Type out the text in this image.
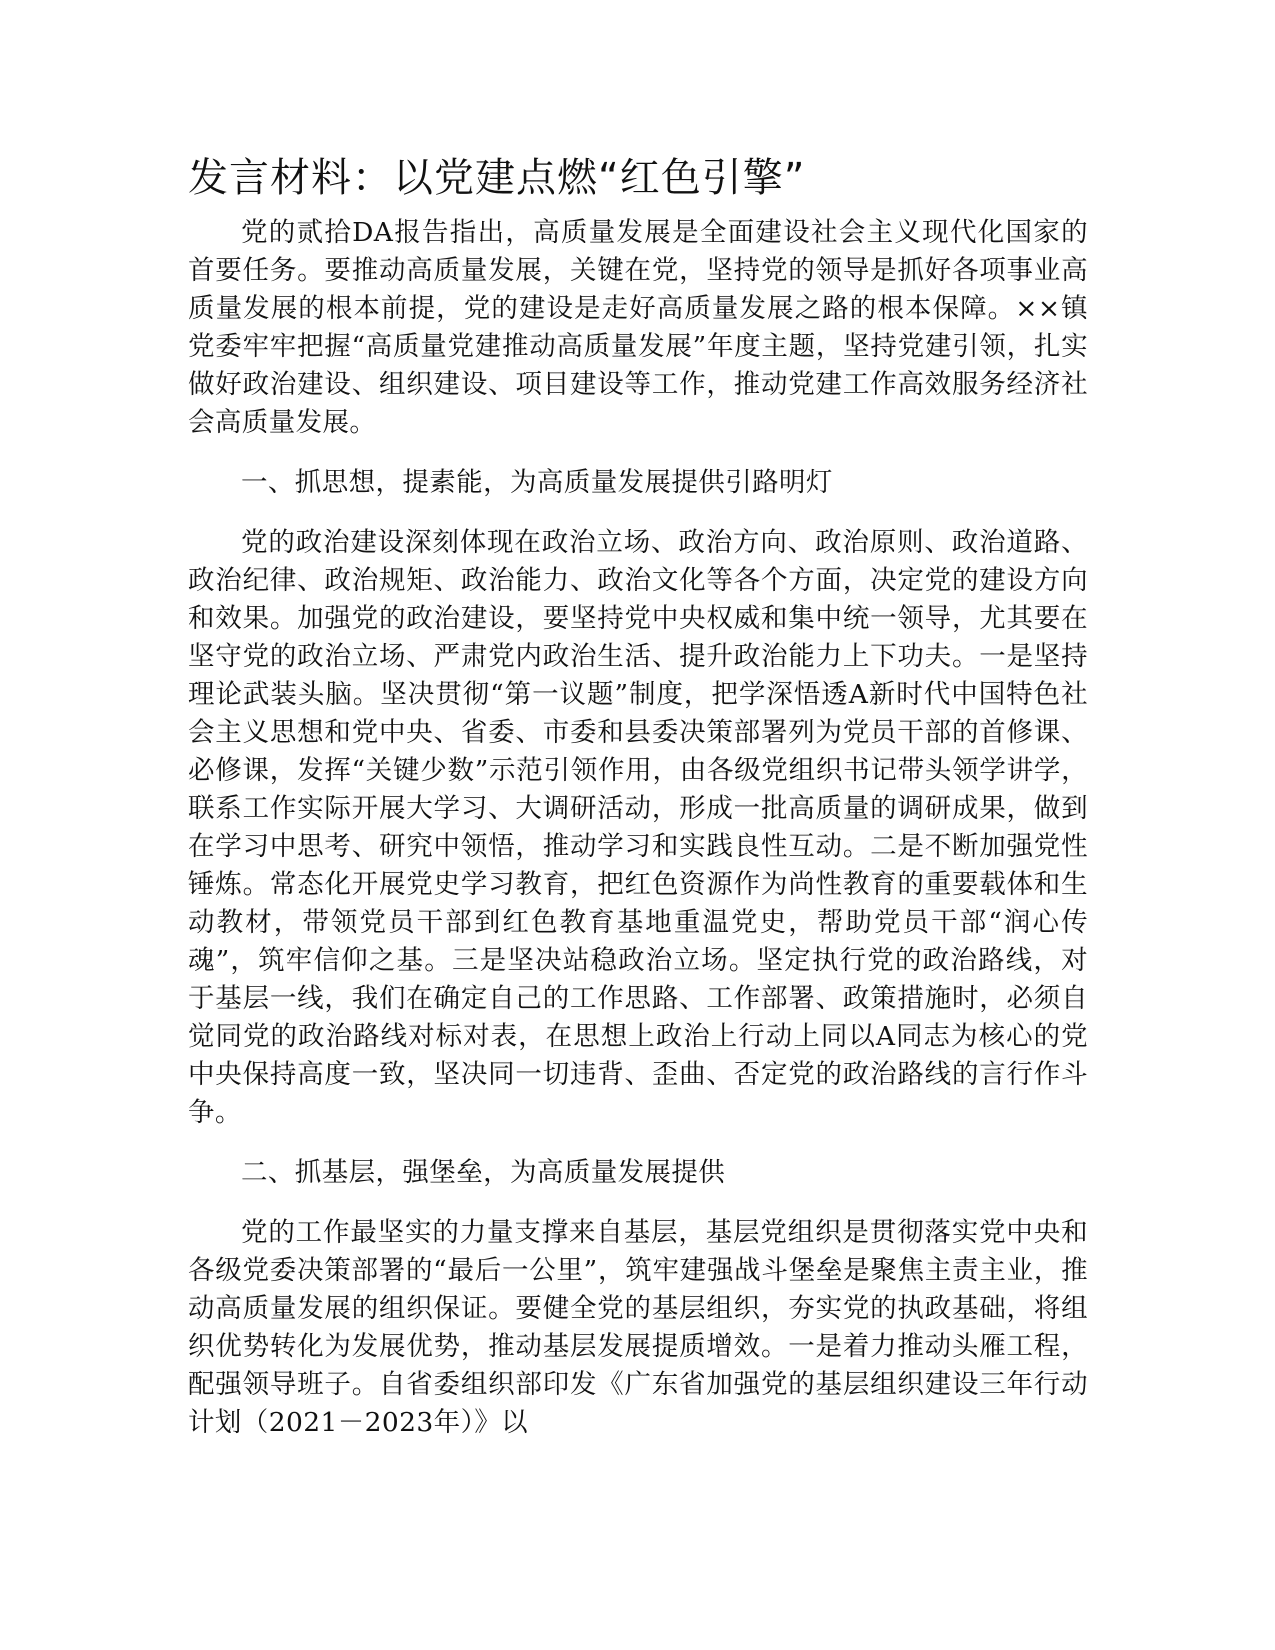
发言材料：以党建点燃“红色引擎”

党的贰拾DA报告指出，高质量发展是全面建设社会主义现代化国家的首要任务。要推动高质量发展，关键在党，坚持党的领导是抓好各项事业高质量发展的根本前提，党的建设是走好高质量发展之路的根本保障。××镇党委牢牢把握“高质量党建推动高质量发展”年度主题，坚持党建引领，扎实做好政治建设、组织建设、项目建设等工作，推动党建工作高效服务经济社会高质量发展。

一、抓思想，提素能，为高质量发展提供引路明灯

党的政治建设深刻体现在政治立场、政治方向、政治原则、政治道路、政治纪律、政治规矩、政治能力、政治文化等各个方面，决定党的建设方向和效果。加强党的政治建设，要坚持党中央权威和集中统一领导，尤其要在坚守党的政治立场、严肃党内政治生活、提升政治能力上下功夫。一是坚持理论武装头脑。坚决贯彻“第一议题”制度，把学深悟透A新时代中国特色社会主义思想和党中央、省委、市委和县委决策部署列为党员干部的首修课、必修课，发挥“关键少数”示范引领作用，由各级党组织书记带头领学讲学，联系工作实际开展大学习、大调研活动，形成一批高质量的调研成果，做到在学习中思考、研究中领悟，推动学习和实践良性互动。二是不断加强党性锤炼。常态化开展党史学习教育，把红色资源作为尚性教育的重要载体和生动教材，带领党员干部到红色教育基地重温党史，帮助党员干部“润心传魂”，筑牢信仰之基。三是坚决站稳政治立场。坚定执行党的政治路线，对于基层一线，我们在确定自己的工作思路、工作部署、政策措施时，必须自觉同党的政治路线对标对表，在思想上政治上行动上同以A同志为核心的党中央保持高度一致，坚决同一切违背、歪曲、否定党的政治路线的言行作斗争。

二、抓基层，强堡垒，为高质量发展提供

党的工作最坚实的力量支撑来自基层，基层党组织是贯彻落实党中央和各级党委决策部署的“最后一公里”，筑牢建强战斗堡垒是聚焦主责主业，推动高质量发展的组织保证。要健全党的基层组织，夯实党的执政基础，将组织优势转化为发展优势，推动基层发展提质增效。一是着力推动头雁工程，配强领导班子。自省委组织部印发《广东省加强党的基层组织建设三年行动计划（2021－2023年）》以
